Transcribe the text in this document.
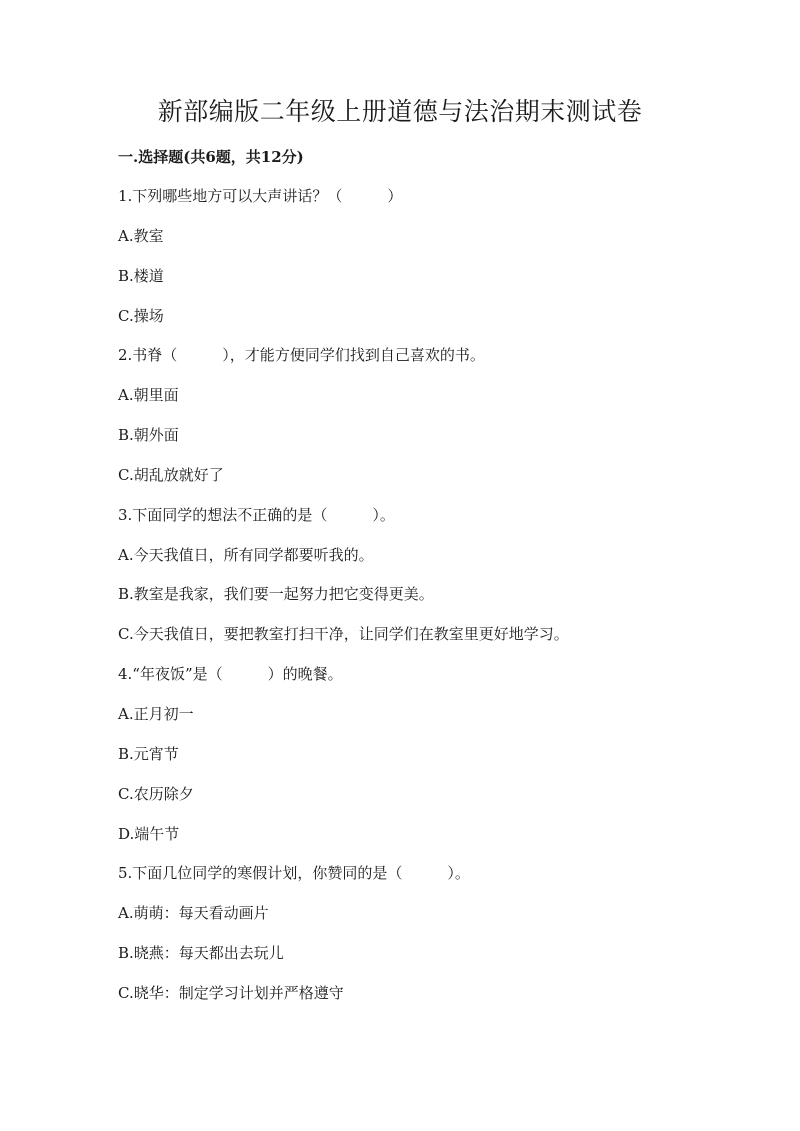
新部编版二年级上册道德与法治期末测试卷
一.选择题(共6题，共12分)
1.下列哪些地方可以大声讲话？（　　　）
A.教室
B.楼道
C.操场
2.书脊（　　　），才能方便同学们找到自己喜欢的书。
A.朝里面
B.朝外面
C.胡乱放就好了
3.下面同学的想法不正确的是（　　　）。
A.今天我值日，所有同学都要听我的。
B.教室是我家，我们要一起努力把它变得更美。
C.今天我值日，要把教室打扫干净，让同学们在教室里更好地学习。
4.“年夜饭”是（　　　）的晚餐。
A.正月初一
B.元宵节
C.农历除夕
D.端午节
5.下面几位同学的寒假计划，你赞同的是（　　　）。
A.萌萌：每天看动画片
B.晓燕：每天都出去玩儿
C.晓华：制定学习计划并严格遵守
